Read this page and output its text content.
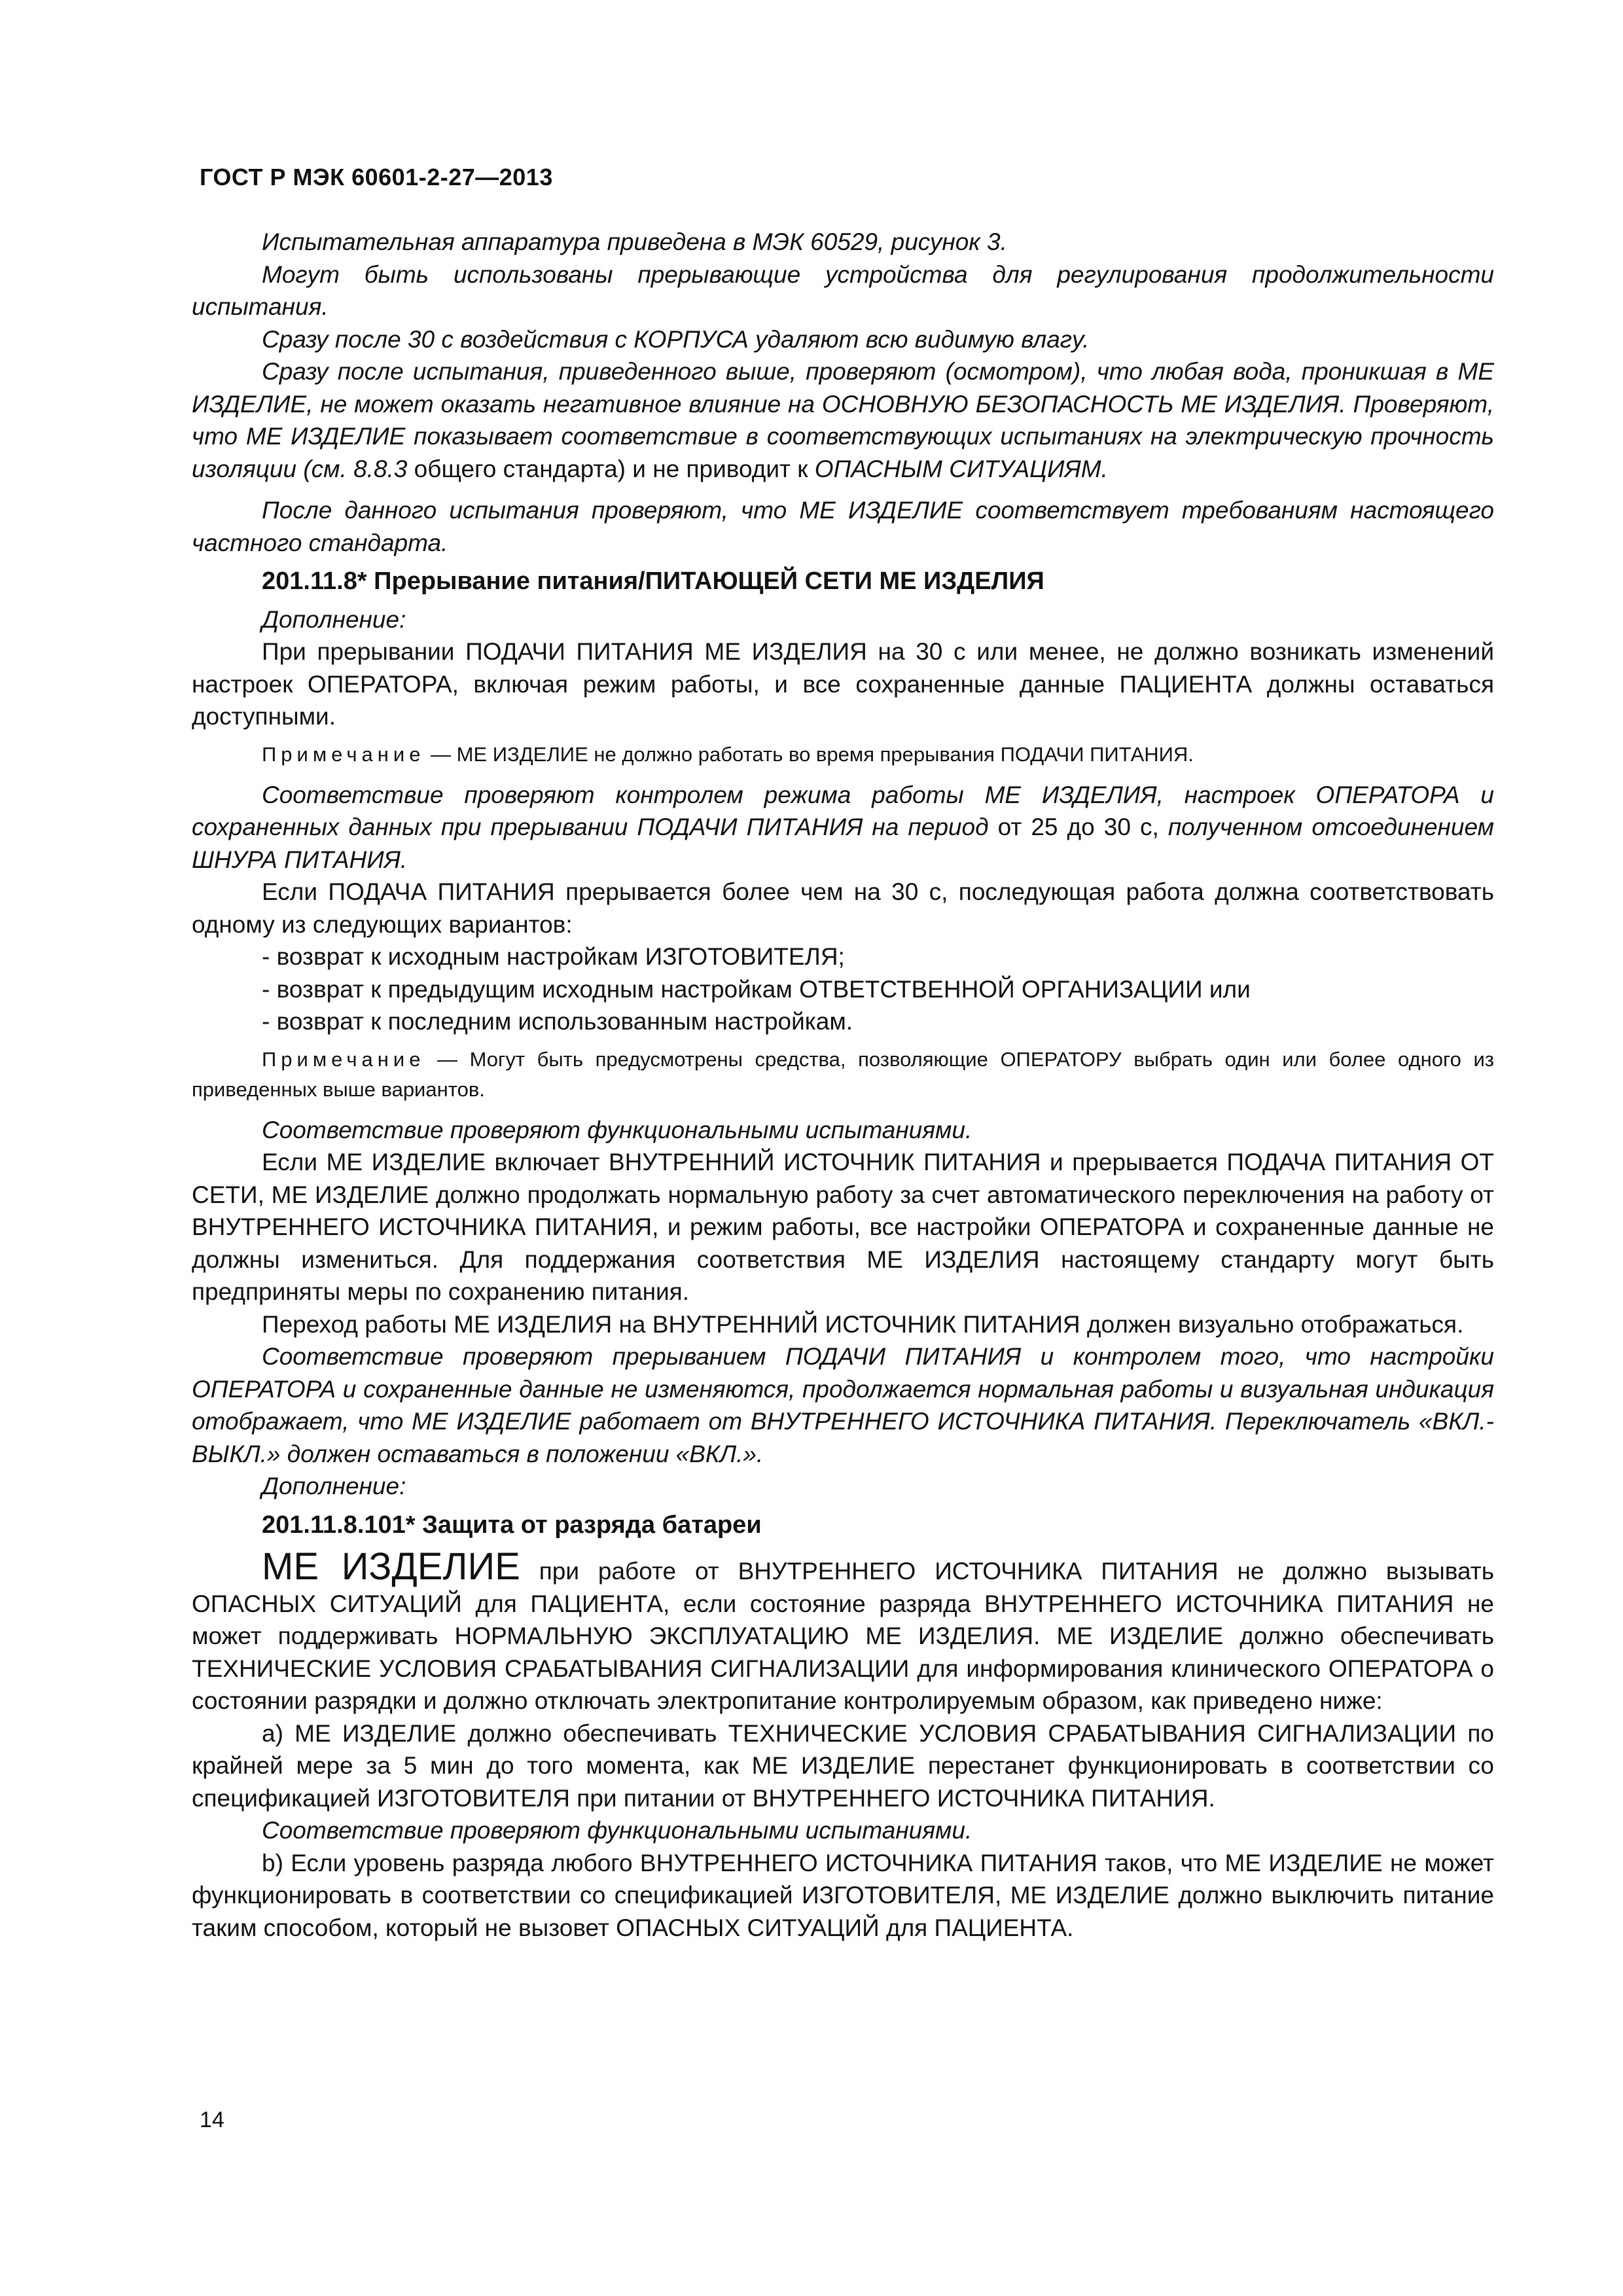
ГОСТ Р МЭК 60601-2-27—2013

Испытательная аппаратура приведена в МЭК 60529, рисунок 3.

Могут быть использованы прерывающие устройства для регулирования продолжительности испытания.

Сразу после 30 с воздействия с КОРПУСА удаляют всю видимую влагу.

Сразу после испытания, приведенного выше, проверяют (осмотром), что любая вода, проникшая в МЕ ИЗДЕЛИЕ, не может оказать негативное влияние на ОСНОВНУЮ БЕЗОПАСНОСТЬ МЕ ИЗДЕЛИЯ. Проверяют, что МЕ ИЗДЕЛИЕ показывает соответствие в соответствующих испытаниях на электрическую прочность изоляции (см. 8.8.3 общего стандарта) и не приводит к ОПАСНЫМ СИТУАЦИЯМ.

После данного испытания проверяют, что МЕ ИЗДЕЛИЕ соответствует требованиям настоящего частного стандарта.

201.11.8* Прерывание питания/ПИТАЮЩЕЙ СЕТИ МЕ ИЗДЕЛИЯ

Дополнение:

При прерывании ПОДАЧИ ПИТАНИЯ МЕ ИЗДЕЛИЯ на 30 с или менее, не должно возникать изменений настроек ОПЕРАТОРА, включая режим работы, и все сохраненные данные ПАЦИЕНТА должны оставаться доступными.

Примечание — МЕ ИЗДЕЛИЕ не должно работать во время прерывания ПОДАЧИ ПИТАНИЯ.

Соответствие проверяют контролем режима работы МЕ ИЗДЕЛИЯ, настроек ОПЕРАТОРА и сохраненных данных при прерывании ПОДАЧИ ПИТАНИЯ на период от 25 до 30 с, полученном отсоединением ШНУРА ПИТАНИЯ.

Если ПОДАЧА ПИТАНИЯ прерывается более чем на 30 с, последующая работа должна соответствовать одному из следующих вариантов:

- возврат к исходным настройкам ИЗГОТОВИТЕЛЯ;

- возврат к предыдущим исходным настройкам ОТВЕТСТВЕННОЙ ОРГАНИЗАЦИИ или

- возврат к последним использованным настройкам.

Примечание — Могут быть предусмотрены средства, позволяющие ОПЕРАТОРУ выбрать один или более одного из приведенных выше вариантов.

Соответствие проверяют функциональными испытаниями.

Если МЕ ИЗДЕЛИЕ включает ВНУТРЕННИЙ ИСТОЧНИК ПИТАНИЯ и прерывается ПОДАЧА ПИТАНИЯ ОТ СЕТИ, МЕ ИЗДЕЛИЕ должно продолжать нормальную работу за счет автоматического переключения на работу от ВНУТРЕННЕГО ИСТОЧНИКА ПИТАНИЯ, и режим работы, все настройки ОПЕРАТОРА и сохраненные данные не должны измениться. Для поддержания соответствия МЕ ИЗДЕЛИЯ настоящему стандарту могут быть предприняты меры по сохранению питания.

Переход работы МЕ ИЗДЕЛИЯ на ВНУТРЕННИЙ ИСТОЧНИК ПИТАНИЯ должен визуально отображаться.

Соответствие проверяют прерыванием ПОДАЧИ ПИТАНИЯ и контролем того, что настройки ОПЕРАТОРА и сохраненные данные не изменяются, продолжается нормальная работы и визуальная индикация отображает, что МЕ ИЗДЕЛИЕ работает от ВНУТРЕННЕГО ИСТОЧНИКА ПИТАНИЯ. Переключатель «ВКЛ.-ВЫКЛ.» должен оставаться в положении «ВКЛ.».

Дополнение:

201.11.8.101* Защита от разряда батареи

МЕ ИЗДЕЛИЕ при работе от ВНУТРЕННЕГО ИСТОЧНИКА ПИТАНИЯ не должно вызывать ОПАСНЫХ СИТУАЦИЙ для ПАЦИЕНТА, если состояние разряда ВНУТРЕННЕГО ИСТОЧНИКА ПИТАНИЯ не может поддерживать НОРМАЛЬНУЮ ЭКСПЛУАТАЦИЮ МЕ ИЗДЕЛИЯ. МЕ ИЗДЕЛИЕ должно обеспечивать ТЕХНИЧЕСКИЕ УСЛОВИЯ СРАБАТЫВАНИЯ СИГНАЛИЗАЦИИ для информирования клинического ОПЕРАТОРА о состоянии разрядки и должно отключать электропитание контролируемым образом, как приведено ниже:

а) МЕ ИЗДЕЛИЕ должно обеспечивать ТЕХНИЧЕСКИЕ УСЛОВИЯ СРАБАТЫВАНИЯ СИГНАЛИЗАЦИИ по крайней мере за 5 мин до того момента, как МЕ ИЗДЕЛИЕ перестанет функционировать в соответствии со спецификацией ИЗГОТОВИТЕЛЯ при питании от ВНУТРЕННЕГО ИСТОЧНИКА ПИТАНИЯ.

Соответствие проверяют функциональными испытаниями.

b) Если уровень разряда любого ВНУТРЕННЕГО ИСТОЧНИКА ПИТАНИЯ таков, что МЕ ИЗДЕЛИЕ не может функционировать в соответствии со спецификацией ИЗГОТОВИТЕЛЯ, МЕ ИЗДЕЛИЕ должно выключить питание таким способом, который не вызовет ОПАСНЫХ СИТУАЦИЙ для ПАЦИЕНТА.

14
